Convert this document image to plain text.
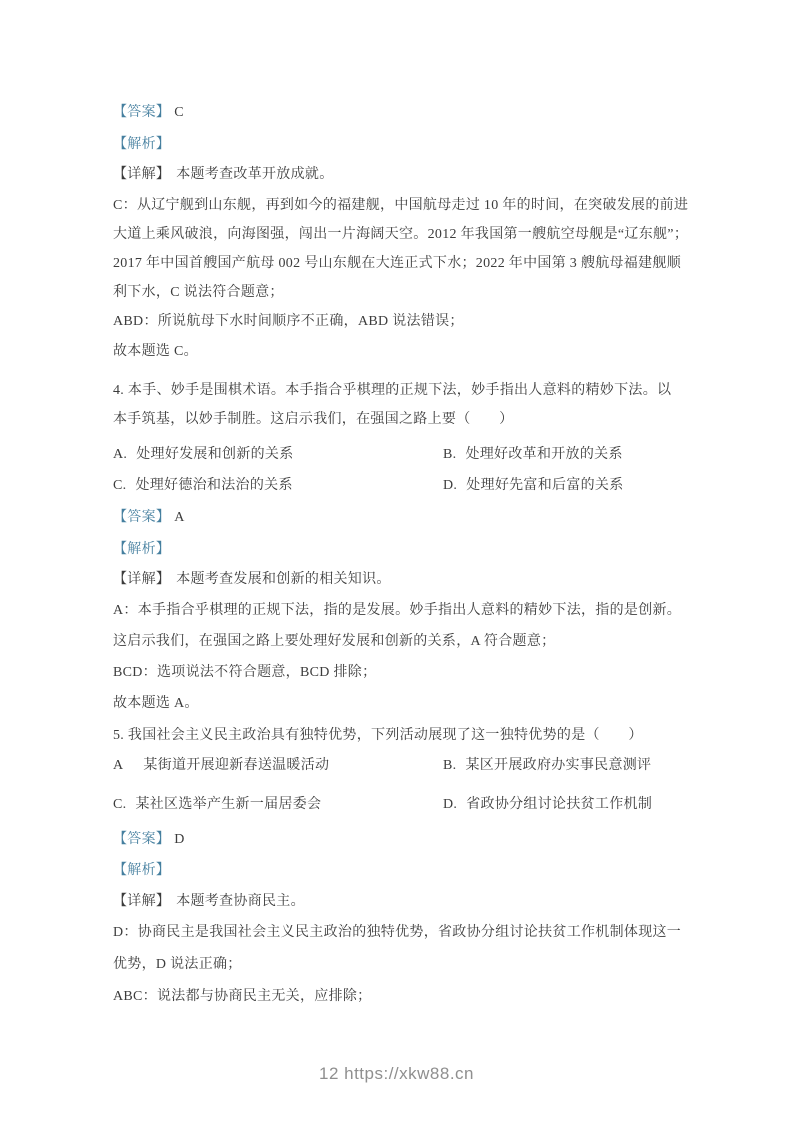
【答案】 C
【解析】
【详解】 本题考查改革开放成就。
C：从辽宁舰到山东舰，再到如今的福建舰，中国航母走过 10 年的时间，在突破发展的前进
大道上乘风破浪，向海图强，闯出一片海阔天空。2012 年我国第一艘航空母舰是“辽东舰”；
2017 年中国首艘国产航母 002 号山东舰在大连正式下水；2022 年中国第 3 艘航母福建舰顺
利下水，C 说法符合题意；
ABD：所说航母下水时间顺序不正确，ABD 说法错误；
故本题选 C。
4. 本手、妙手是围棋术语。本手指合乎棋理的正规下法，妙手指出人意料的精妙下法。以
本手筑基，以妙手制胜。这启示我们，在强国之路上要（　　）
A. 处理好发展和创新的关系	B. 处理好改革和开放的关系
C. 处理好德治和法治的关系	D. 处理好先富和后富的关系
【答案】 A
【解析】
【详解】 本题考查发展和创新的相关知识。
A：本手指合乎棋理的正规下法，指的是发展。妙手指出人意料的精妙下法，指的是创新。
这启示我们，在强国之路上要处理好发展和创新的关系，A 符合题意；
BCD：选项说法不符合题意，BCD 排除；
故本题选 A。
5. 我国社会主义民主政治具有独特优势，下列活动展现了这一独特优势的是（　　）
A 某街道开展迎新春送温暖活动	B. 某区开展政府办实事民意测评
C. 某社区选举产生新一届居委会	D. 省政协分组讨论扶贫工作机制
【答案】 D
【解析】
【详解】 本题考查协商民主。
D：协商民主是我国社会主义民主政治的独特优势，省政协分组讨论扶贫工作机制体现这一
优势，D 说法正确；
ABC：说法都与协商民主无关，应排除；
12 https://xkw88.cn
